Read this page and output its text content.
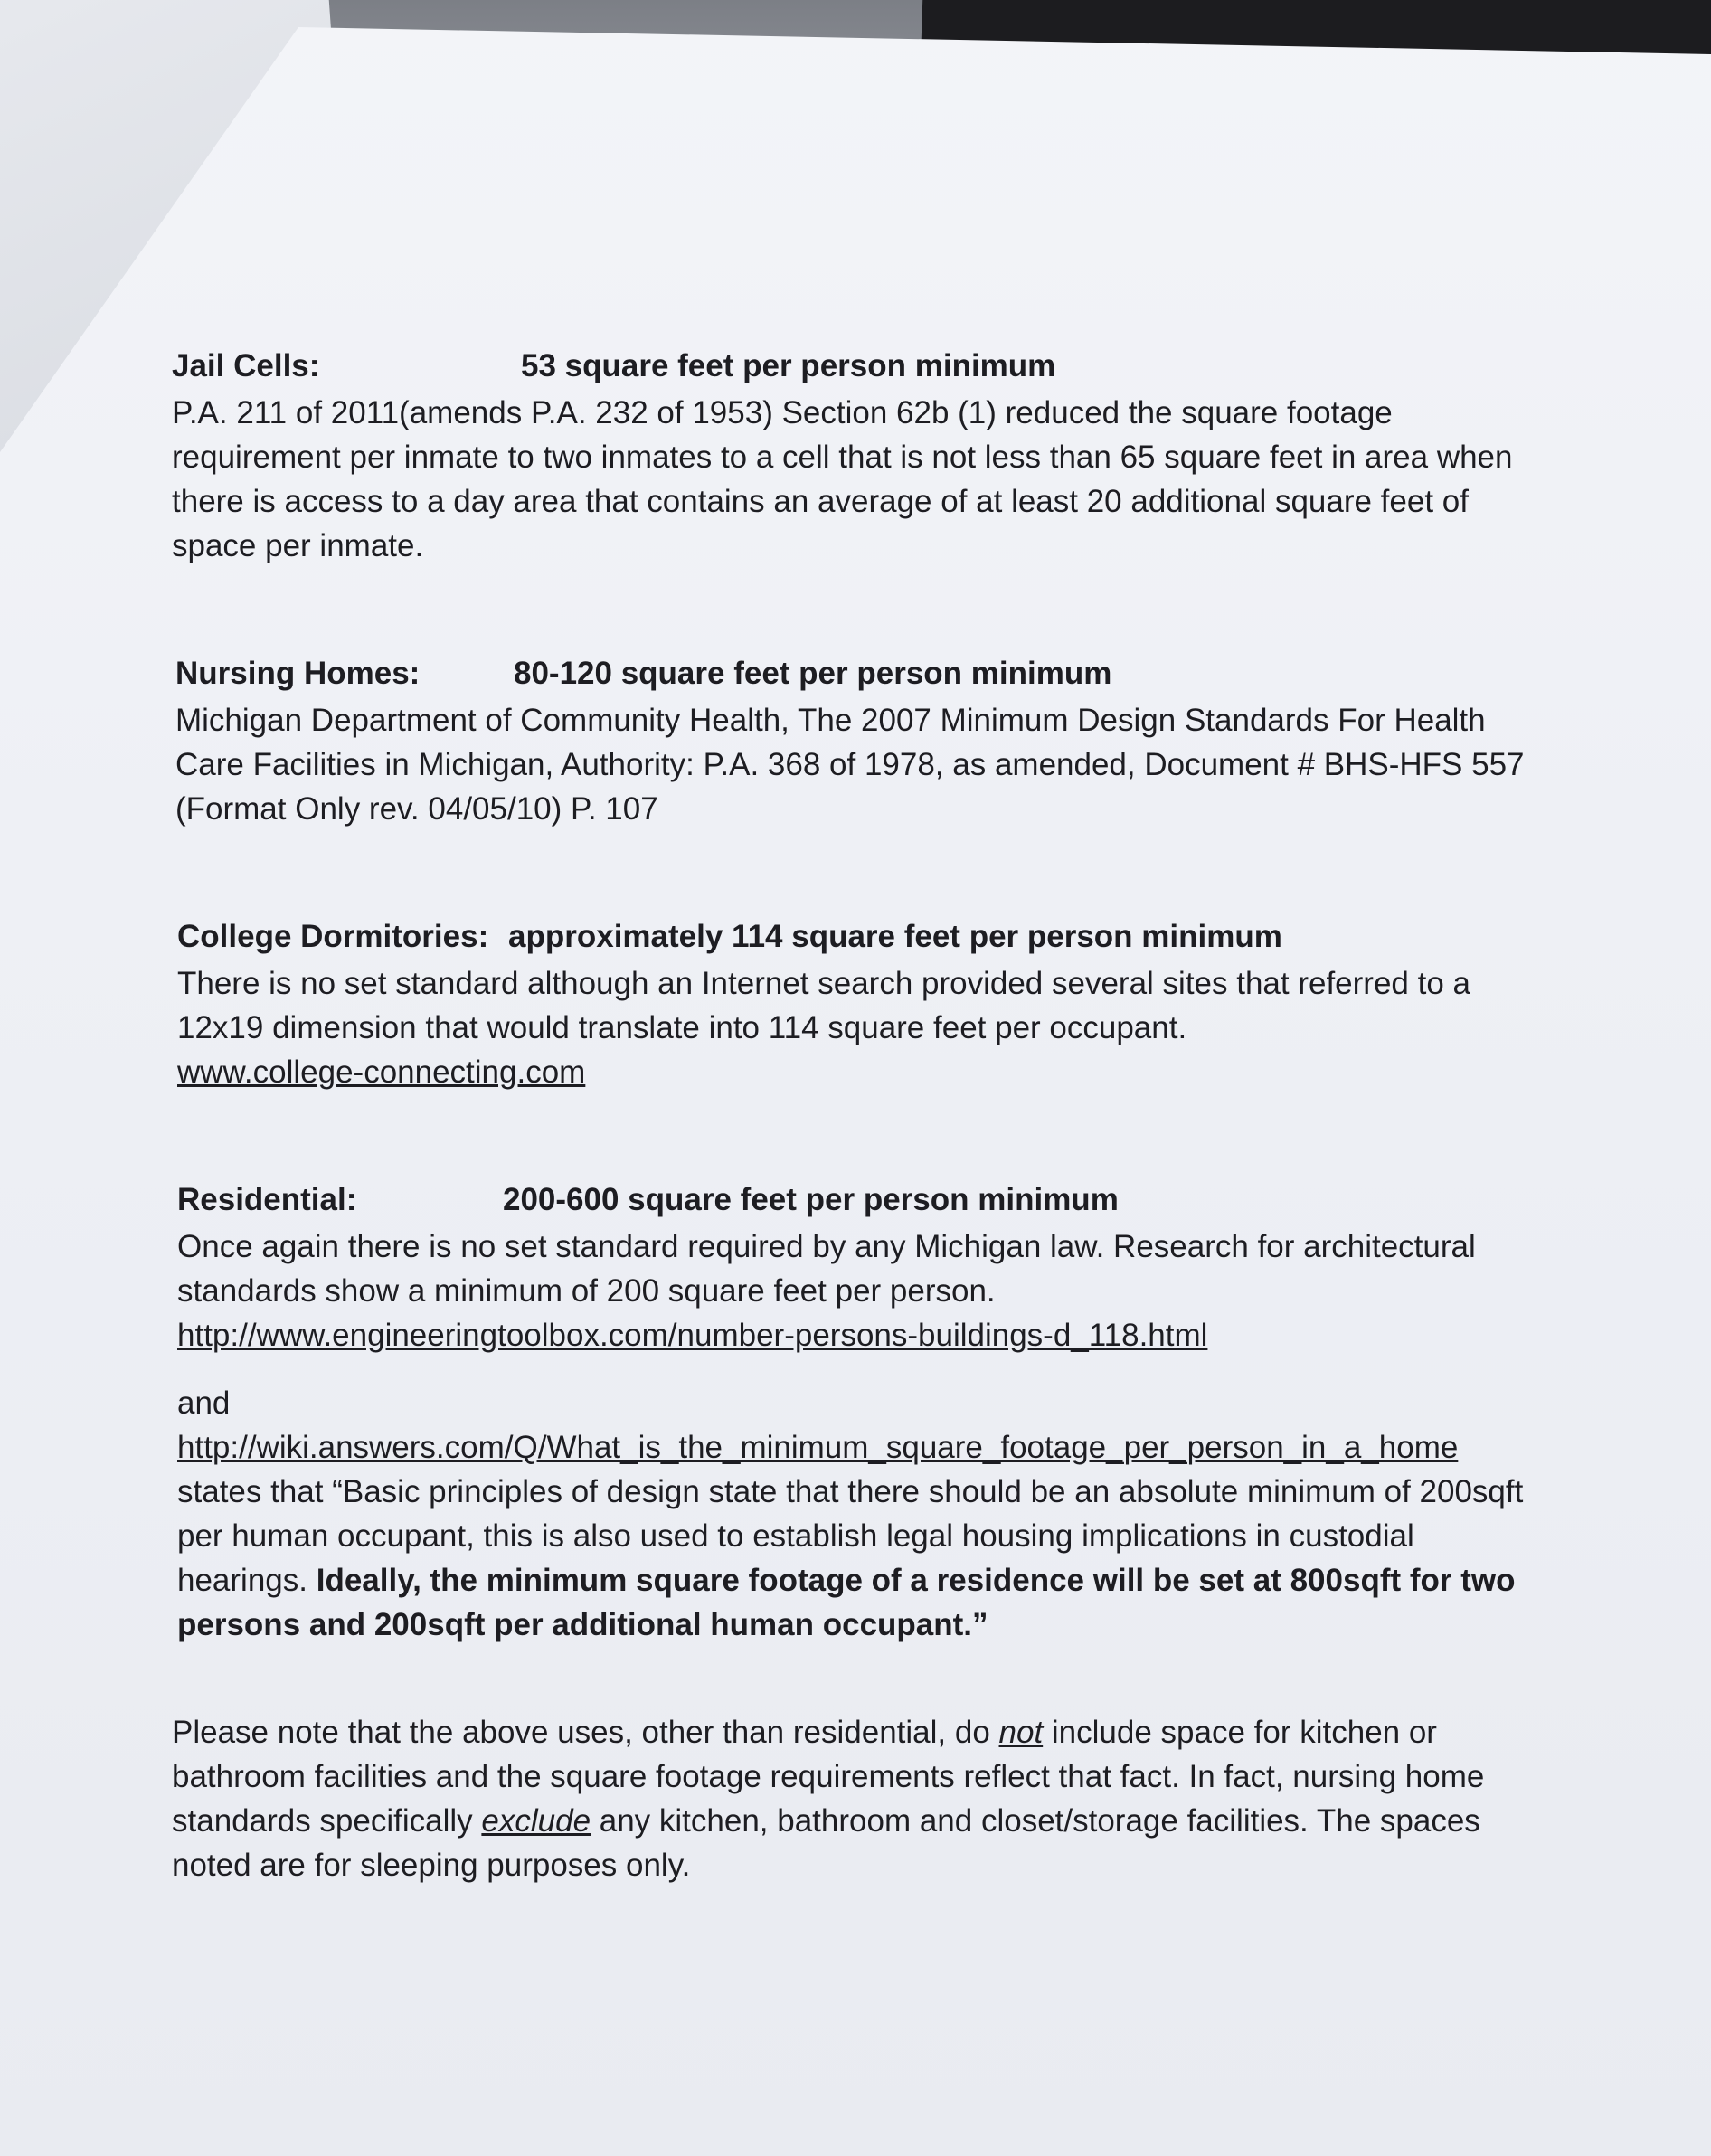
Jail Cells:	53 square feet per person minimum

P.A. 211 of 2011(amends P.A. 232 of 1953) Section 62b (1) reduced the square footage requirement per inmate to two inmates to a cell that is not less than 65 square feet in area when there is access to a day area that contains an average of at least 20 additional square feet of space per inmate.

Nursing Homes:	80-120 square feet per person minimum

Michigan Department of Community Health, The 2007 Minimum Design Standards For Health Care Facilities in Michigan, Authority: P.A. 368 of 1978, as amended, Document # BHS-HFS 557 (Format Only rev. 04/05/10) P. 107

College Dormitories: approximately 114 square feet per person minimum

There is no set standard although an Internet search provided several sites that referred to a 12x19 dimension that would translate into 114 square feet per occupant.

www.college-connecting.com
Residential:	200-600 square feet per person minimum

Once again there is no set standard required by any Michigan law. Research for architectural standards show a minimum of 200 square feet per person.

http://www.engineeringtoolbox.com/number-persons-buildings-d_118.html

and

http://wiki.answers.com/Q/What_is_the_minimum_square_footage_per_person_in_a_home

states that “Basic principles of design state that there should be an absolute minimum of 200sqft per human occupant, this is also used to establish legal housing implications in custodial hearings. Ideally, the minimum square footage of a residence will be set at 800sqft for two persons and 200sqft per additional human occupant.”

Please note that the above uses, other than residential, do not include space for kitchen or bathroom facilities and the square footage requirements reflect that fact. In fact, nursing home standards specifically exclude any kitchen, bathroom and closet/storage facilities. The spaces noted are for sleeping purposes only.
